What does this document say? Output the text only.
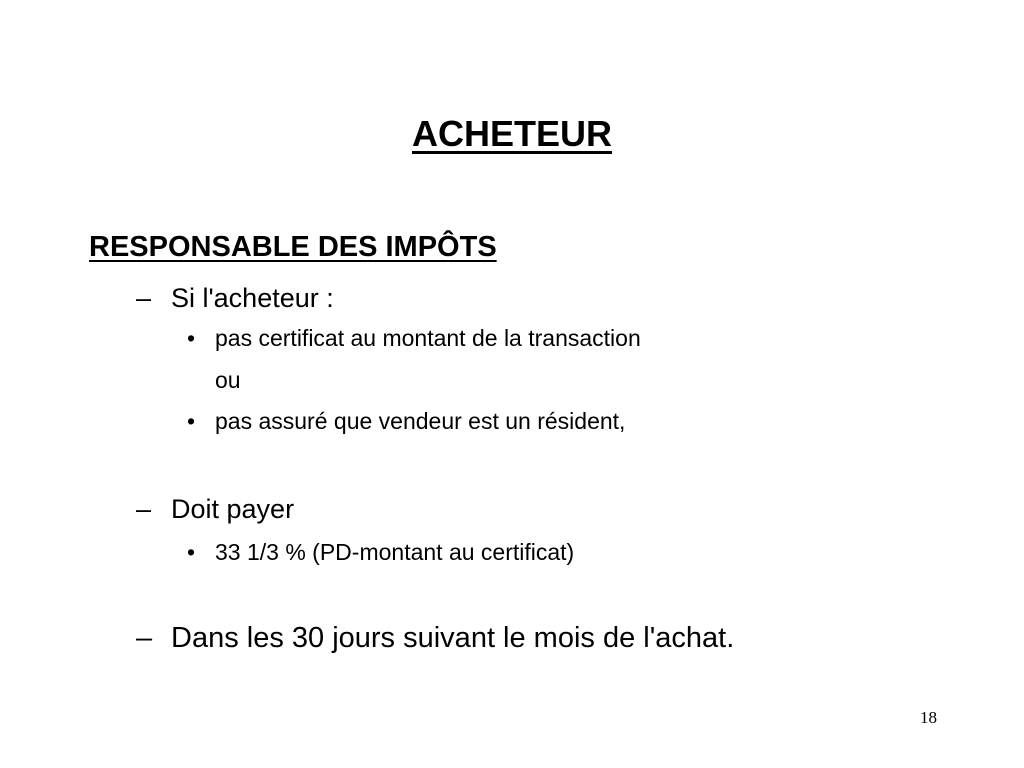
ACHETEUR
RESPONSABLE DES IMPÔTS
– Si l'acheteur :
• pas certificat au montant de la transaction
ou
• pas assuré que vendeur est un résident,
– Doit payer
• 33 1/3 % (PD-montant au certificat)
– Dans les 30 jours suivant le mois de l'achat.
18
